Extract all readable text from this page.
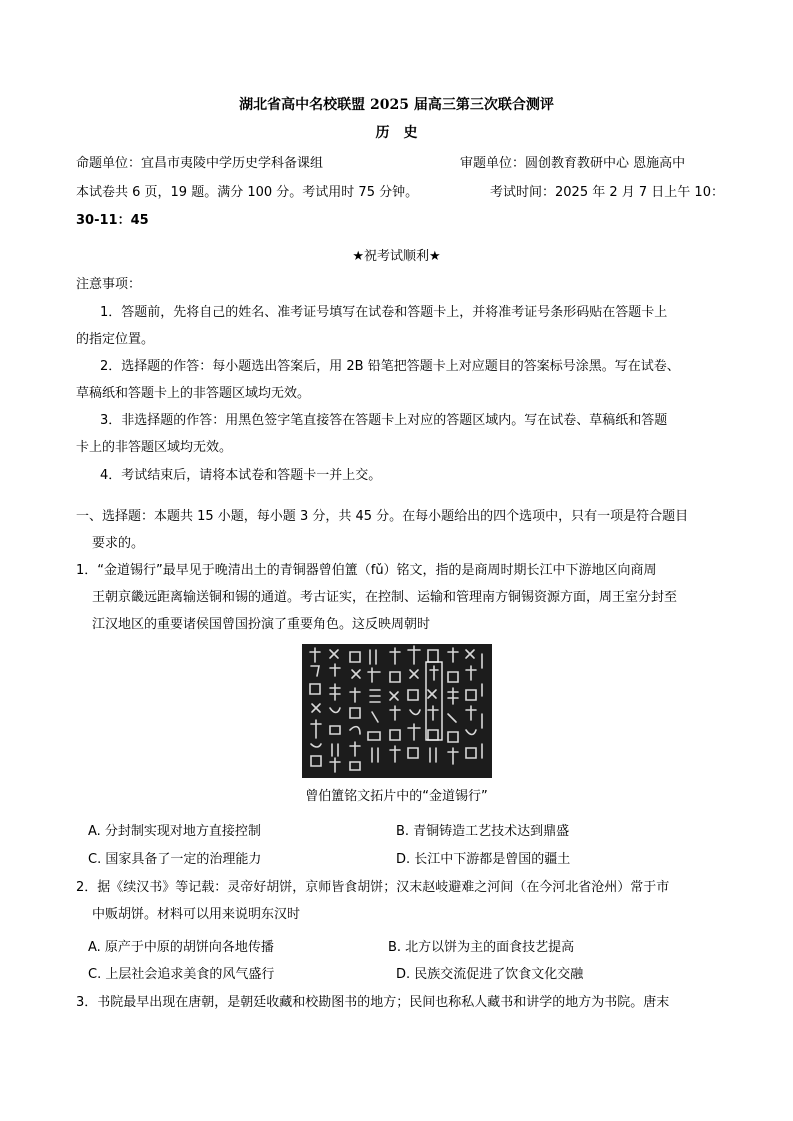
湖北省高中名校联盟 2025 届高三第三次联合测评
历　史
命题单位：宜昌市夷陵中学历史学科备课组	审题单位：圆创教育教研中心 恩施高中
本试卷共 6 页，19 题。满分 100 分。考试用时 75 分钟。	考试时间：2025 年 2 月 7 日上午 10：
30-11：45
★祝考试顺利★
注意事项：
1．答题前，先将自己的姓名、准考证号填写在试卷和答题卡上，并将准考证号条形码贴在答题卡上
的指定位置。
2．选择题的作答：每小题选出答案后，用 2B 铅笔把答题卡上对应题目的答案标号涂黑。写在试卷、
草稿纸和答题卡上的非答题区域均无效。
3．非选择题的作答：用黑色签字笔直接答在答题卡上对应的答题区域内。写在试卷、草稿纸和答题
卡上的非答题区域均无效。
4．考试结束后，请将本试卷和答题卡一并上交。
一、选择题：本题共 15 小题，每小题 3 分，共 45 分。在每小题给出的四个选项中，只有一项是符合题目
要求的。
1．“金道锡行”最早见于晚清出土的青铜器曾伯簠（fǔ）铭文，指的是商周时期长江中下游地区向商周
王朝京畿远距离输送铜和锡的通道。考古证实，在控制、运输和管理南方铜锡资源方面，周王室分封至
江汉地区的重要诸侯国曾国扮演了重要角色。这反映周朝时
曾伯簠铭文拓片中的“金道锡行”
A. 分封制实现对地方直接控制	B. 青铜铸造工艺技术达到鼎盛
C. 国家具备了一定的治理能力	D. 长江中下游都是曾国的疆土
2．据《续汉书》等记载：灵帝好胡饼，京师皆食胡饼；汉末赵岐避难之河间（在今河北省沧州）常于市
中贩胡饼。材料可以用来说明东汉时
A. 原产于中原的胡饼向各地传播	B. 北方以饼为主的面食技艺提高
C. 上层社会追求美食的风气盛行	D. 民族交流促进了饮食文化交融
3．书院最早出现在唐朝，是朝廷收藏和校勘图书的地方；民间也称私人藏书和讲学的地方为书院。唐末
